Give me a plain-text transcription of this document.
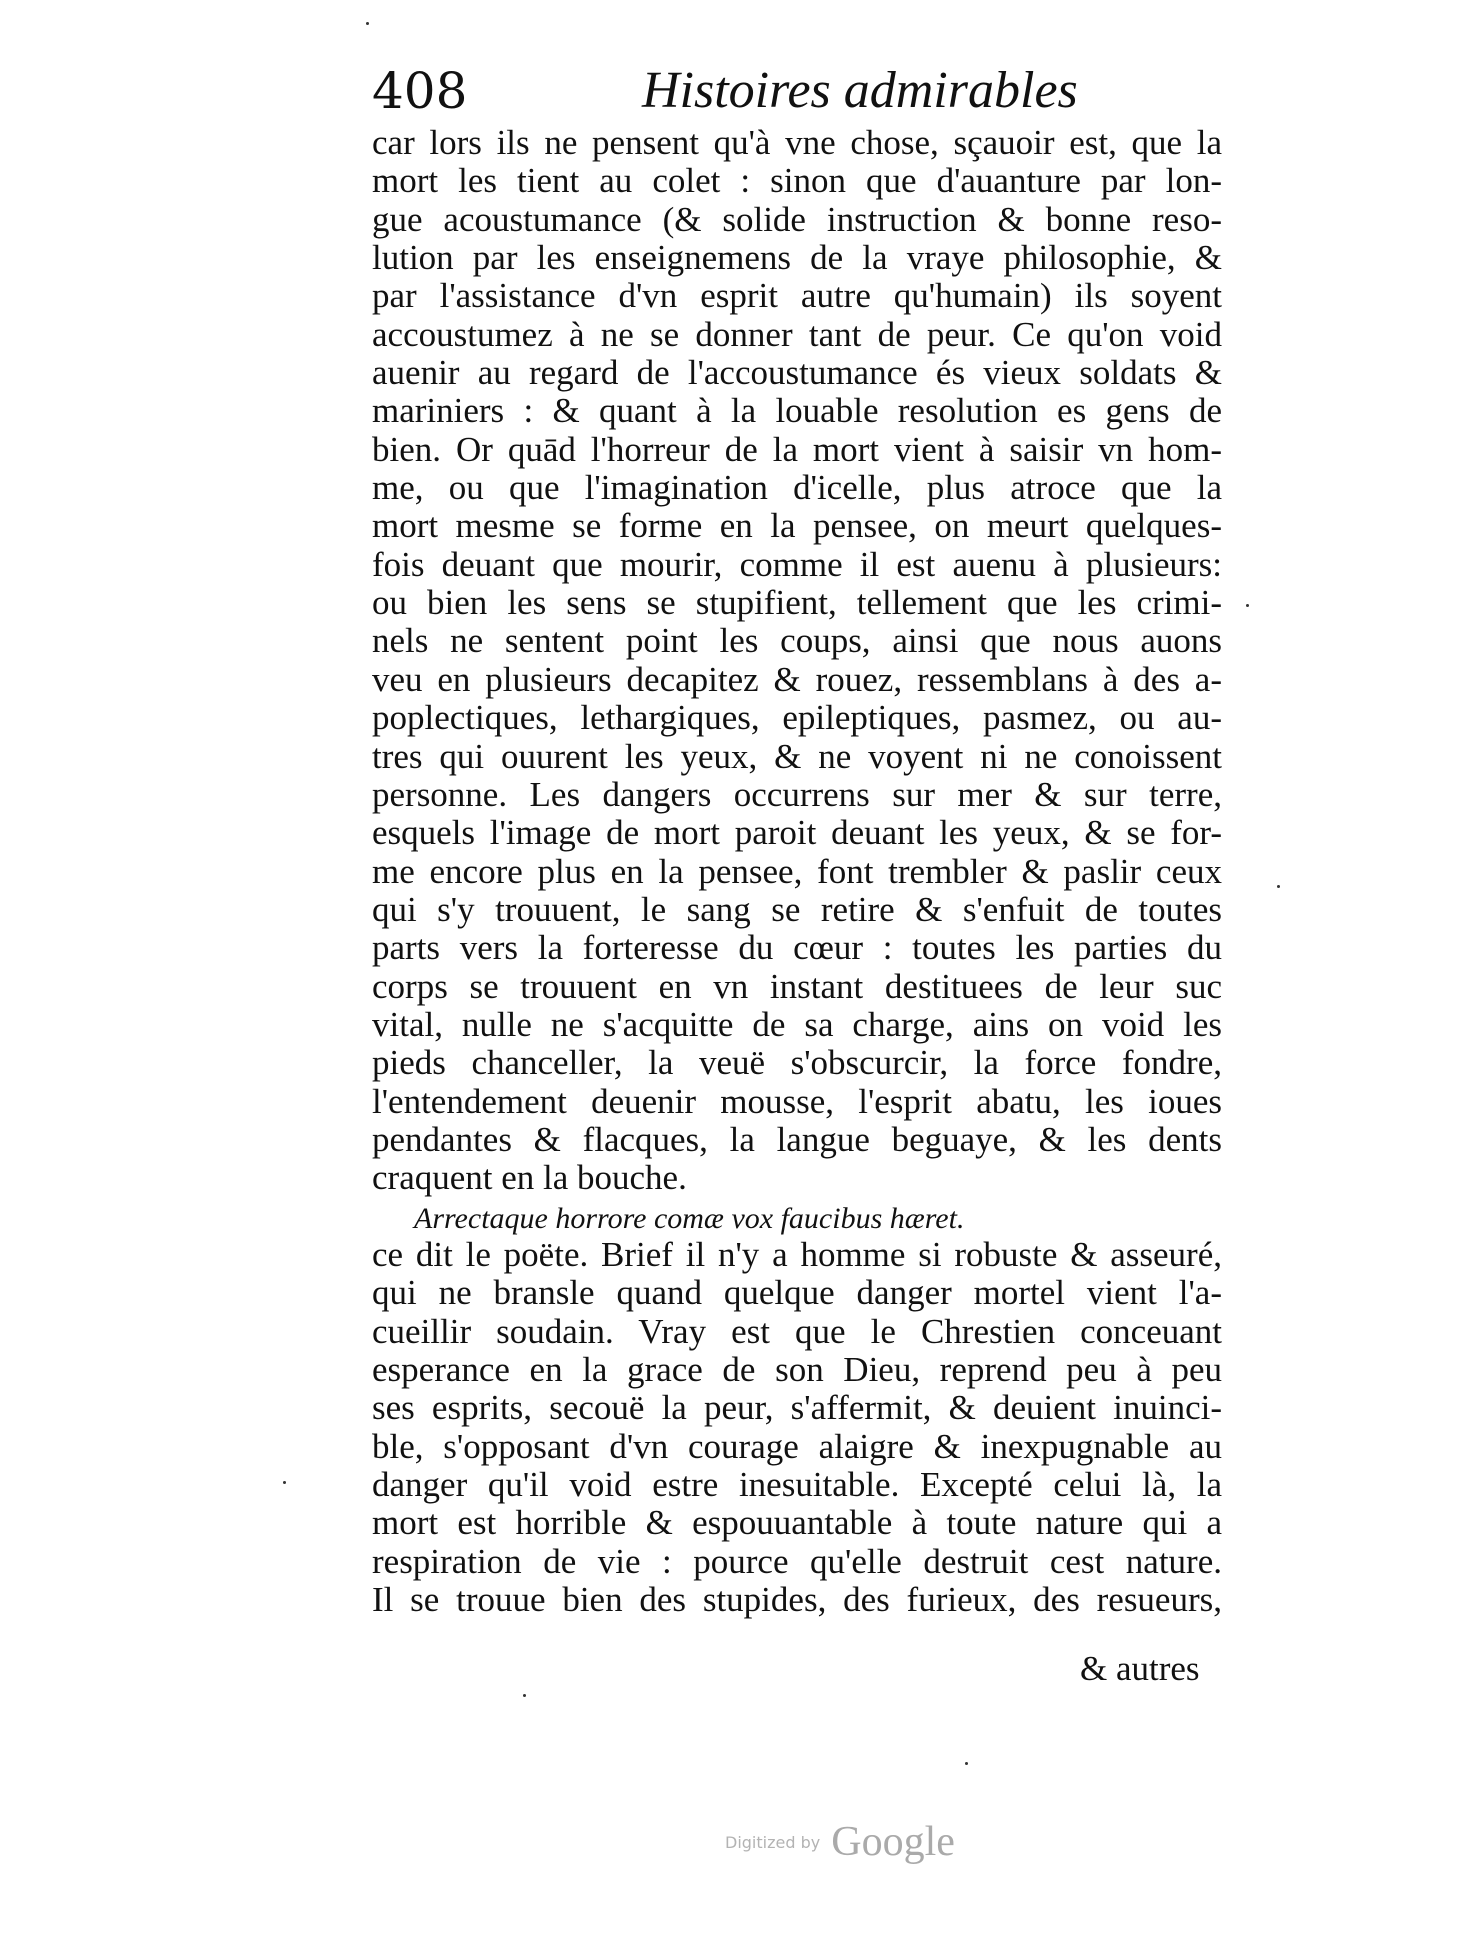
408	Histoires admirables
car lors ils ne pensent qu'à vne chose, sçauoir est, que la
mort les tient au colet : sinon que d'auanture par lon-
gue acoustumance (& solide instruction & bonne reso-
lution par les enseignemens de la vraye philosophie, &
par l'assistance d'vn esprit autre qu'humain) ils soyent
accoustumez à ne se donner tant de peur. Ce qu'on void
auenir au regard de l'accoustumance és vieux soldats &
mariniers : & quant à la louable resolution es gens de
bien. Or quād l'horreur de la mort vient à saisir vn hom-
me, ou que l'imagination d'icelle, plus atroce que la
mort mesme se forme en la pensee, on meurt quelques-
fois deuant que mourir, comme il est auenu à plusieurs:
ou bien les sens se stupifient, tellement que les crimi-
nels ne sentent point les coups, ainsi que nous auons
veu en plusieurs decapitez & rouez, ressemblans à des a-
poplectiques, lethargiques, epileptiques, pasmez, ou au-
tres qui ouurent les yeux, & ne voyent ni ne conoissent
personne. Les dangers occurrens sur mer & sur terre,
esquels l'image de mort paroit deuant les yeux, & se for-
me encore plus en la pensee, font trembler & paslir ceux
qui s'y trouuent, le sang se retire & s'enfuit de toutes
parts vers la forteresse du cœur : toutes les parties du
corps se trouuent en vn instant destituees de leur suc
vital, nulle ne s'acquitte de sa charge, ains on void les
pieds chanceller, la veuë s'obscurcir, la force fondre,
l'entendement deuenir mousse, l'esprit abatu, les ioues
pendantes & flacques, la langue beguaye, & les dents
craquent en la bouche.
Arrectaque horrore comæ vox faucibus hæret.
ce dit le poëte. Brief il n'y a homme si robuste & asseuré,
qui ne bransle quand quelque danger mortel vient l'a-
cueillir soudain. Vray est que le Chrestien conceuant
esperance en la grace de son Dieu, reprend peu à peu
ses esprits, secouë la peur, s'affermit, & deuient inuinci-
ble, s'opposant d'vn courage alaigre & inexpugnable au
danger qu'il void estre inesuitable. Excepté celui là, la
mort est horrible & espouuantable à toute nature qui a
respiration de vie : pource qu'elle destruit cest nature.
Il se trouue bien des stupides, des furieux, des resueurs,
& autres
Digitized by Google
